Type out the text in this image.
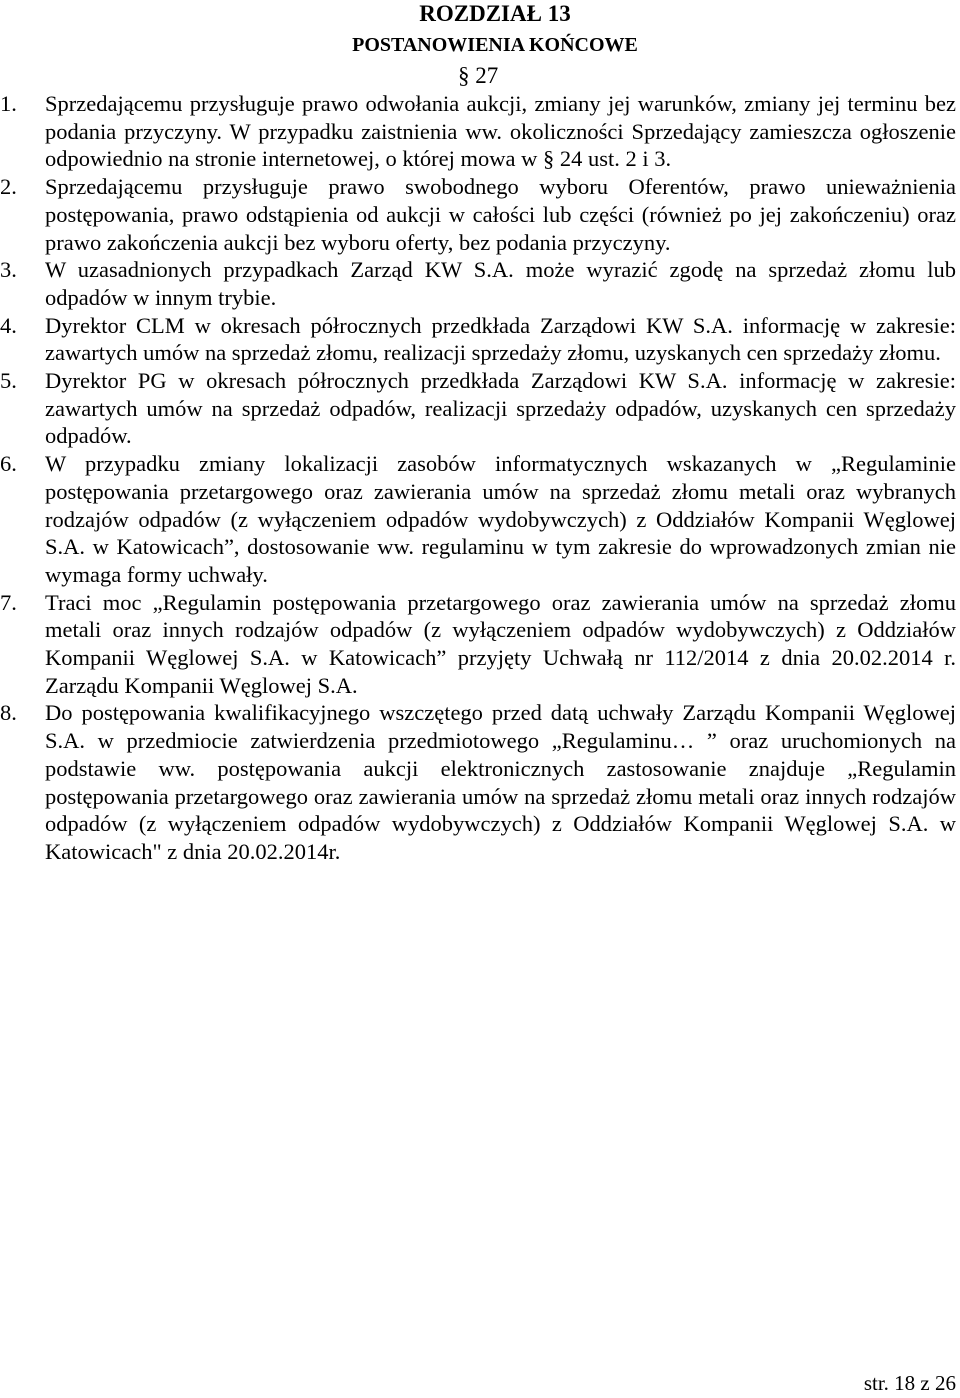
ROZDZIAŁ 13
POSTANOWIENIA KOŃCOWE
§ 27
1. Sprzedającemu przysługuje prawo odwołania aukcji, zmiany jej warunków, zmiany jej terminu bez podania przyczyny. W przypadku zaistnienia ww. okoliczności Sprzedający zamieszcza ogłoszenie odpowiednio na stronie internetowej, o której mowa w § 24 ust. 2 i 3.
2. Sprzedającemu przysługuje prawo swobodnego wyboru Oferentów, prawo unieważnienia postępowania, prawo odstąpienia od aukcji w całości lub części (również po jej zakończeniu) oraz prawo zakończenia aukcji bez wyboru oferty, bez podania przyczyny.
3. W uzasadnionych przypadkach Zarząd KW S.A. może wyrazić zgodę na sprzedaż złomu lub odpadów w innym trybie.
4. Dyrektor CLM w okresach półrocznych przedkłada Zarządowi KW S.A. informację w zakresie: zawartych umów na sprzedaż złomu, realizacji sprzedaży złomu, uzyskanych cen sprzedaży złomu.
5. Dyrektor PG w okresach półrocznych przedkłada Zarządowi KW S.A. informację w zakresie: zawartych umów na sprzedaż odpadów, realizacji sprzedaży odpadów, uzyskanych cen sprzedaży odpadów.
6. W przypadku zmiany lokalizacji zasobów informatycznych wskazanych w „Regulaminie postępowania przetargowego oraz zawierania umów na sprzedaż złomu metali oraz wybranych rodzajów odpadów (z wyłączeniem odpadów wydobywczych) z Oddziałów Kompanii Węglowej S.A. w Katowicach”, dostosowanie ww. regulaminu w tym zakresie do wprowadzonych zmian nie wymaga formy uchwały.
7. Traci moc „Regulamin postępowania przetargowego oraz zawierania umów na sprzedaż złomu metali oraz innych rodzajów odpadów (z wyłączeniem odpadów wydobywczych) z Oddziałów Kompanii Węglowej S.A. w Katowicach” przyjęty Uchwałą nr 112/2014 z dnia 20.02.2014 r. Zarządu Kompanii Węglowej S.A.
8. Do postępowania kwalifikacyjnego wszczętego przed datą uchwały Zarządu Kompanii Węglowej S.A. w przedmiocie zatwierdzenia przedmiotowego „Regulaminu… ” oraz uruchomionych na podstawie ww. postępowania aukcji elektronicznych zastosowanie znajduje „Regulamin postępowania przetargowego oraz zawierania umów na sprzedaż złomu metali oraz innych rodzajów odpadów (z wyłączeniem odpadów wydobywczych) z Oddziałów Kompanii Węglowej S.A. w Katowicach" z dnia 20.02.2014r.
str. 18 z 26
